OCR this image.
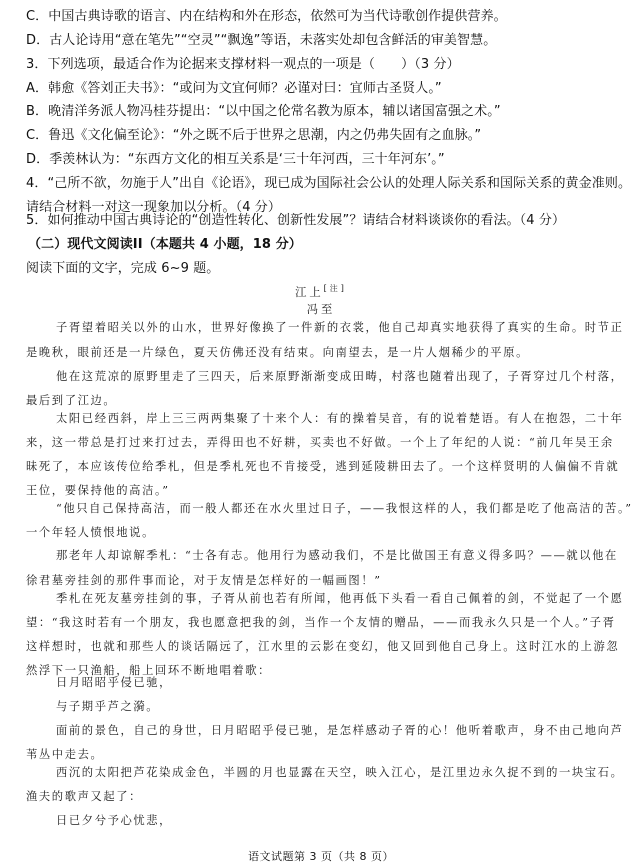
C．中国古典诗歌的语言、内在结构和外在形态，依然可为当代诗歌创作提供营养。
D．古人论诗用“意在笔先”“空灵”“飘逸”等语，未落实处却包含鲜活的审美智慧。
3．下列选项，最适合作为论据来支撑材料一观点的一项是（　　）（3 分）
A．韩愈《答刘正夫书》：“或问为文宜何师？必谨对曰：宜师古圣贤人。”
B．晚清洋务派人物冯桂芬提出：“以中国之伦常名教为原本，辅以诸国富强之术。”
C．鲁迅《文化偏至论》：“外之既不后于世界之思潮，内之仍弗失固有之血脉。”
D．季羡林认为：“东西方文化的相互关系是‘三十年河西，三十年河东’。”
4．“己所不欲，勿施于人”出自《论语》，现已成为国际社会公认的处理人际关系和国际关系的黄金准则。
请结合材料一对这一现象加以分析。（4 分）
5．如何推动中国古典诗论的“创造性转化、创新性发展”？请结合材料谈谈你的看法。（4 分）
（二）现代文阅读II（本题共 4 小题，18 分）
阅读下面的文字，完成 6~9 题。
江上[注]
冯至
子胥望着昭关以外的山水，世界好像换了一件新的衣裳，他自己却真实地获得了真实的生命。时节正
是晚秋，眼前还是一片绿色，夏天仿佛还没有结束。向南望去，是一片人烟稀少的平原。
他在这荒凉的原野里走了三四天，后来原野渐渐变成田畴，村落也随着出现了，子胥穿过几个村落，
最后到了江边。
太阳已经西斜，岸上三三两两集聚了十来个人：有的操着吴音，有的说着楚语。有人在抱怨，二十年
来，这一带总是打过来打过去，弄得田也不好耕，买卖也不好做。一个上了年纪的人说：“前几年吴王余
昧死了，本应该传位给季札，但是季札死也不肯接受，逃到延陵耕田去了。一个这样贤明的人偏偏不肯就
王位，要保持他的高洁。”
“他只自己保持高洁，而一般人都还在水火里过日子，——我恨这样的人，我们都是吃了他高洁的苦。”
一个年轻人愤恨地说。
那老年人却谅解季札：“士各有志。他用行为感动我们，不是比做国王有意义得多吗？——就以他在
徐君墓旁挂剑的那件事而论，对于友情是怎样好的一幅画图！”
季札在死友墓旁挂剑的事，子胥从前也若有所闻，他再低下头看一看自己佩着的剑，不觉起了一个愿
望：“我这时若有一个朋友，我也愿意把我的剑，当作一个友情的赠品，——而我永久只是一个人。”子胥
这样想时，也就和那些人的谈话隔远了，江水里的云影在变幻，他又回到他自己身上。这时江水的上游忽
然浮下一只渔船，船上回环不断地唱着歌：
日月昭昭乎侵已驰，
与子期乎芦之漪。
面前的景色，自己的身世，日月昭昭乎侵已驰，是怎样感动子胥的心！他听着歌声，身不由己地向芦
苇丛中走去。
西沉的太阳把芦花染成金色，半圆的月也显露在天空，映入江心，是江里边永久捉不到的一块宝石。
渔夫的歌声又起了：
日已夕兮予心忧悲，
语文试题第 3 页（共 8 页）
